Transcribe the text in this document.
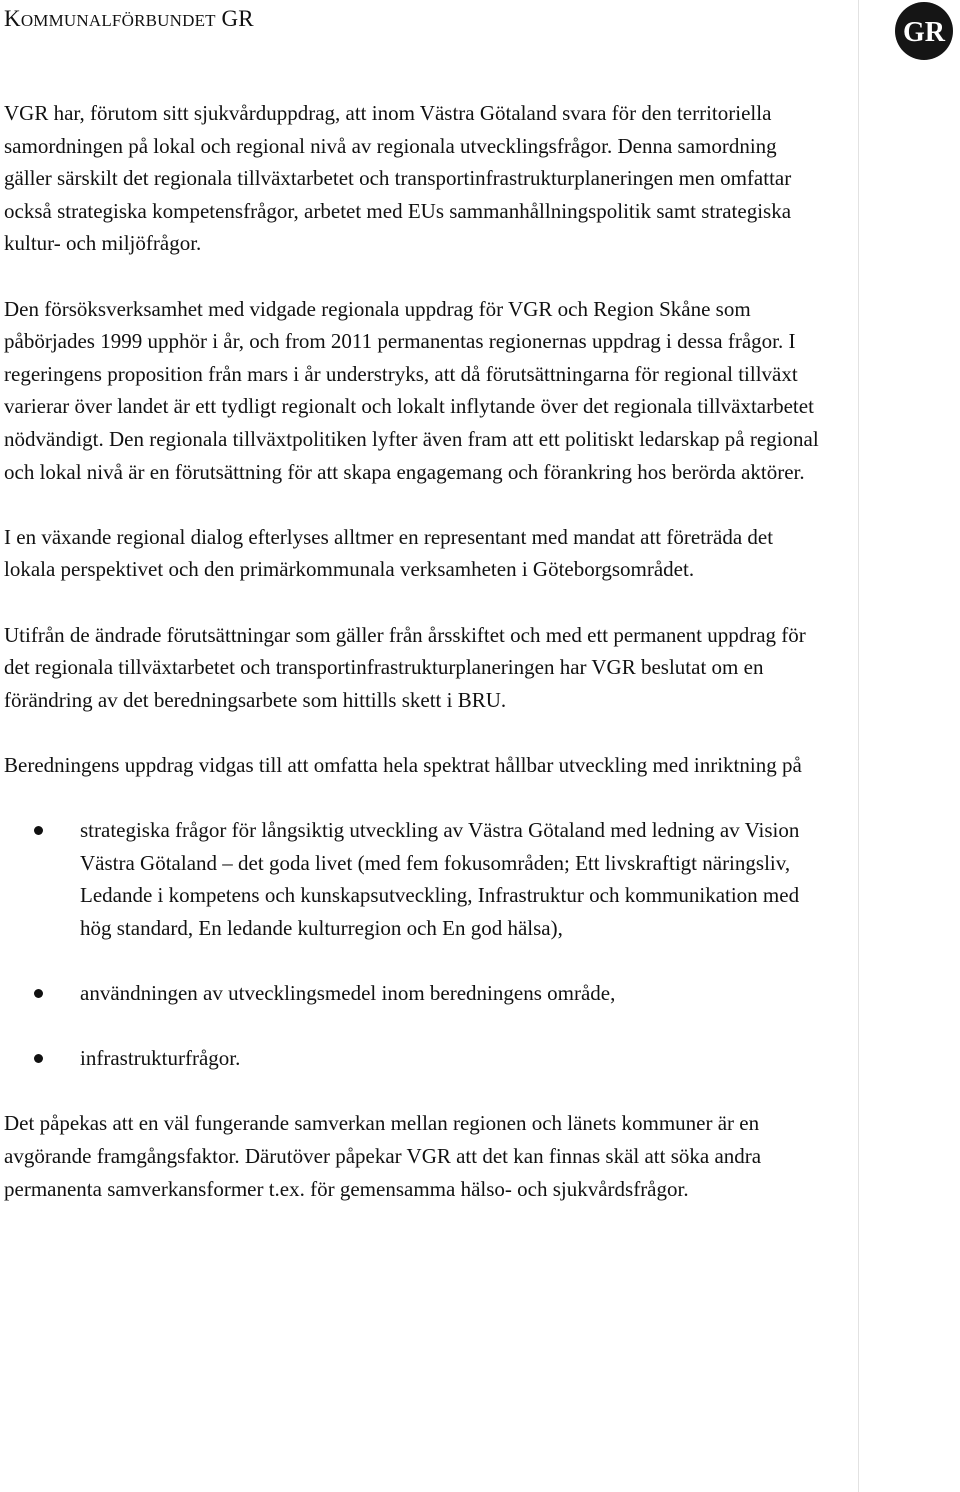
KOMMUNALFÖRBUNDET GR	GR

VGR har, förutom sitt sjukvårduppdrag, att inom Västra Götaland svara för den territoriella samordningen på lokal och regional nivå av regionala utvecklingsfrågor. Denna samordning gäller särskilt det regionala tillväxtarbetet och transportinfrastrukturplaneringen men omfattar också strategiska kompetensfrågor, arbetet med EUs sammanhållningspolitik samt strategiska kultur- och miljöfrågor.

Den försöksverksamhet med vidgade regionala uppdrag för VGR och Region Skåne som påbörjades 1999 upphör i år, och from 2011 permanentas regionernas uppdrag i dessa frågor. I regeringens proposition från mars i år understryks, att då förutsättningarna för regional tillväxt varierar över landet är ett tydligt regionalt och lokalt inflytande över det regionala tillväxtarbetet nödvändigt. Den regionala tillväxtpolitiken lyfter även fram att ett politiskt ledarskap på regional och lokal nivå är en förutsättning för att skapa engagemang och förankring hos berörda aktörer.

I en växande regional dialog efterlyses alltmer en representant med mandat att företräda det lokala perspektivet och den primärkommunala verksamheten i Göteborgsområdet.

Utifrån de ändrade förutsättningar som gäller från årsskiftet och med ett permanent uppdrag för det regionala tillväxtarbetet och transportinfrastrukturplaneringen har VGR beslutat om en förändring av det beredningsarbete som hittills skett i BRU.

Beredningens uppdrag vidgas till att omfatta hela spektrat hållbar utveckling med inriktning på

strategiska frågor för långsiktig utveckling av Västra Götaland med ledning av Vision Västra Götaland – det goda livet (med fem fokusområden; Ett livskraftigt näringsliv, Ledande i kompetens och kunskapsutveckling, Infrastruktur och kommunikation med hög standard, En ledande kulturregion och En god hälsa),
användningen av utvecklingsmedel inom beredningens område,
infrastrukturfrågor.

Det påpekas att en väl fungerande samverkan mellan regionen och länets kommuner är en avgörande framgångsfaktor. Därutöver påpekar VGR att det kan finnas skäl att söka andra permanenta samverkansformer t.ex. för gemensamma hälso- och sjukvårdsfrågor.
